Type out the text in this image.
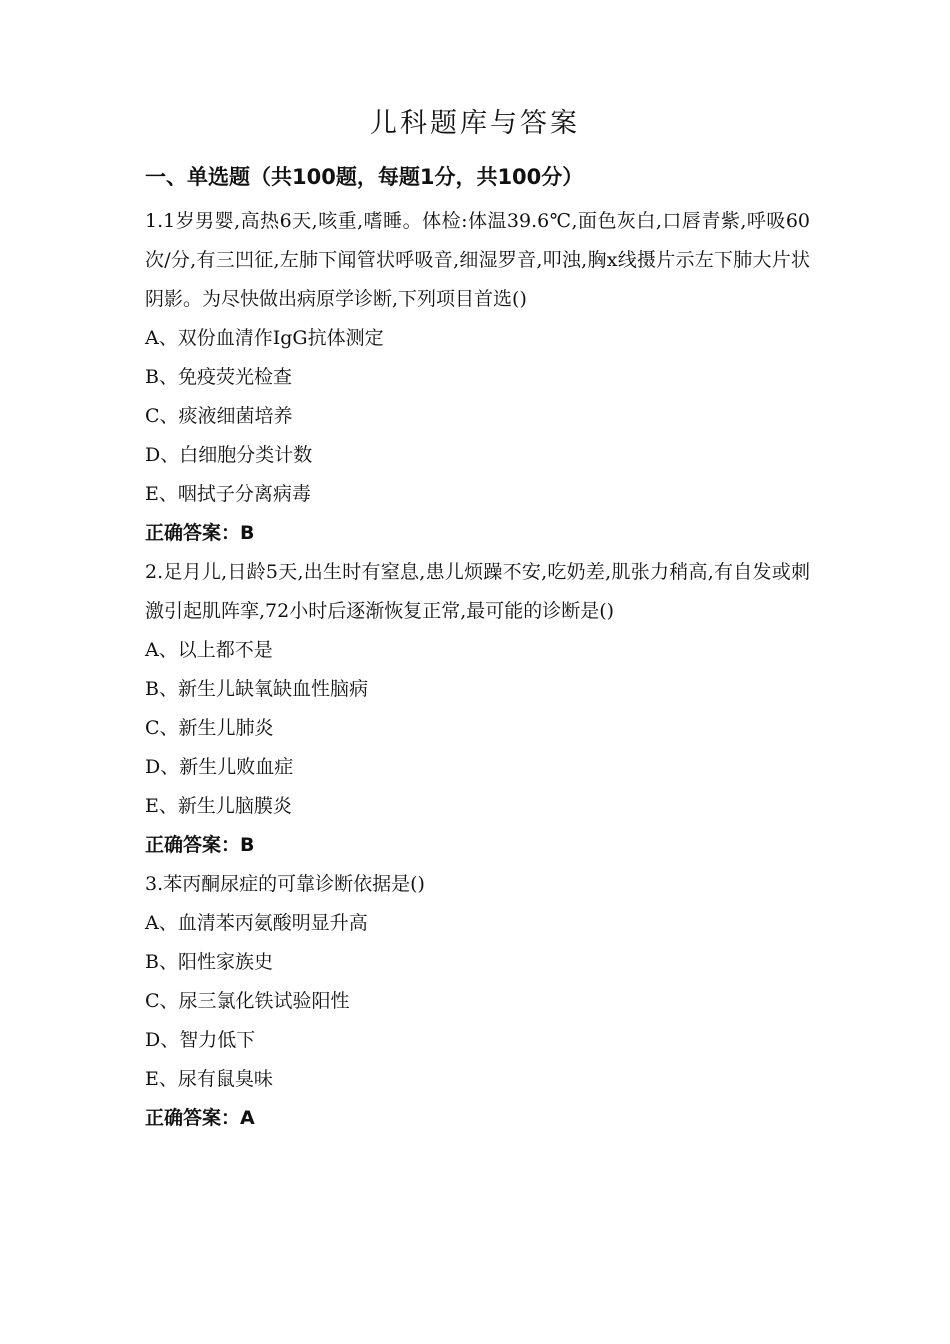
儿科题库与答案
一、单选题（共100题，每题1分，共100分）
1.1岁男婴,高热6天,咳重,嗜睡。体检:体温39.6℃,面色灰白,口唇青紫,呼吸60次/分,有三凹征,左肺下闻管状呼吸音,细湿罗音,叩浊,胸x线摄片示左下肺大片状阴影。为尽快做出病原学诊断,下列项目首选()
A、双份血清作IgG抗体测定
B、免疫荧光检查
C、痰液细菌培养
D、白细胞分类计数
E、咽拭子分离病毒
正确答案：B
2.足月儿,日龄5天,出生时有窒息,患儿烦躁不安,吃奶差,肌张力稍高,有自发或刺激引起肌阵挛,72小时后逐渐恢复正常,最可能的诊断是()
A、以上都不是
B、新生儿缺氧缺血性脑病
C、新生儿肺炎
D、新生儿败血症
E、新生儿脑膜炎
正确答案：B
3.苯丙酮尿症的可靠诊断依据是()
A、血清苯丙氨酸明显升高
B、阳性家族史
C、尿三氯化铁试验阳性
D、智力低下
E、尿有鼠臭味
正确答案：A
